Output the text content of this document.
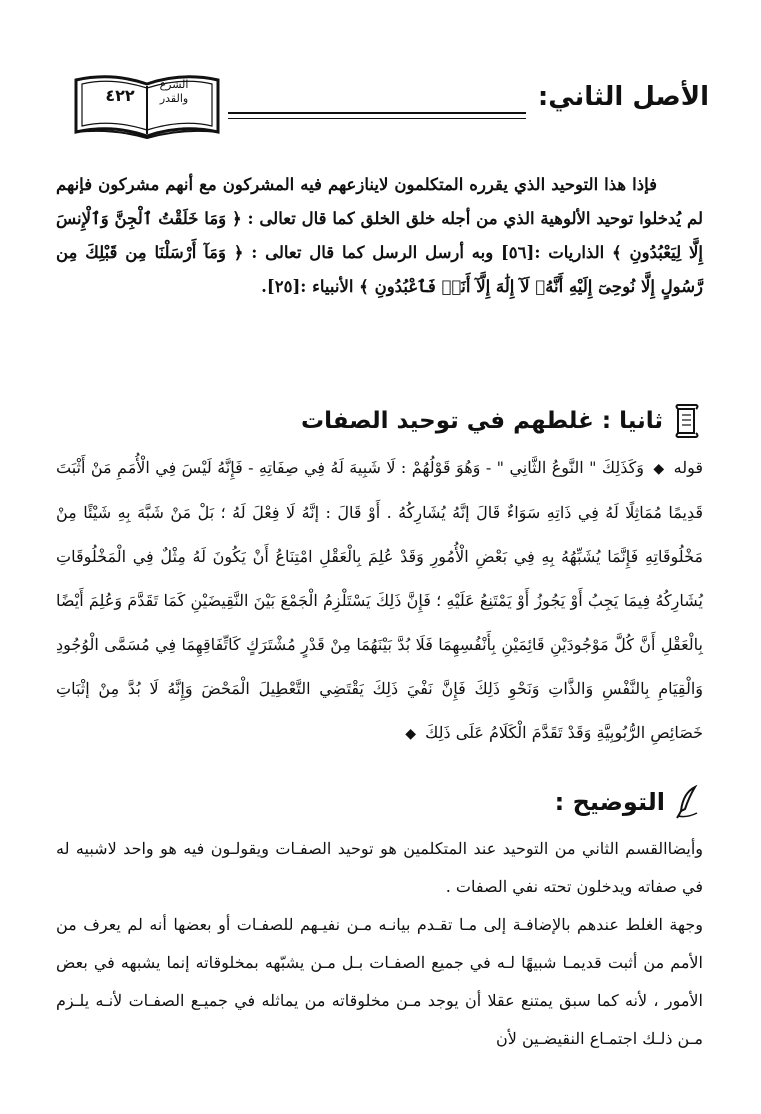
الأصل الثاني:
الشرع والقدر
٤٢٢
فإذا هذا التوحيد الذي يقرره المتكلمون لاينازعهم فيه المشركون مع أنهم مشركون فإنهم لم يُدخلوا توحيد الألوهية الذي من أجله خلق الخلق كما قال تعالى : ﴿ وَمَا خَلَقْتُ ٱلْجِنَّ وَٱلْإِنسَ إِلَّا لِيَعْبُدُونِ ﴾ الذاريات :[٥٦] وبه أرسل الرسل كما قال تعالى : ﴿ وَمَآ أَرْسَلْنَا مِن قَبْلِكَ مِن رَّسُولٍ إِلَّا نُوحِىٓ إِلَيْهِ أَنَّهُۥ لَآ إِلَٰهَ إِلَّآ أَنَا۠ فَٱعْبُدُونِ ﴾ الأنبياء :[٢٥].
ثانيا : غلطهم في توحيد الصفات
قوله ◆ وَكَذَلِكَ " النَّوعُ الثَّانِي " - وَهُوَ قَوْلُهُمْ : لَا شَبِيهَ لَهُ فِي صِفَاتِهِ - فَإِنَّهُ لَيْسَ فِي الْأُمَمِ مَنْ أَثْبَتَ قَدِيمًا مُمَاثِلًا لَهُ فِي ذَاتِهِ سَوَاءٌ قَالَ إنَّهُ يُشَارِكُهُ . أَوْ قَالَ : إنَّهُ لَا فِعْلَ لَهُ ؛ بَلْ مَنْ شَبَّهَ بِهِ شَيْئًا مِنْ مَخْلُوقَاتِهِ فَإِنَّمَا يُشَبِّهُهُ بِهِ فِي بَعْضِ الْأُمُورِ وَقَدْ عُلِمَ بِالْعَقْلِ امْتِنَاعُ أَنْ يَكُونَ لَهُ مِثْلٌ فِي الْمَخْلُوقَاتِ يُشَارِكُهُ فِيمَا يَجِبُ أَوْ يَجُوزُ أَوْ يَمْتَنِعُ عَلَيْهِ ؛ فَإِنَّ ذَلِكَ يَسْتَلْزِمُ الْجَمْعَ بَيْنَ النَّقِيضَيْنِ كَمَا تَقَدَّمَ وَعُلِمَ أَيْضًا بِالْعَقْلِ أَنَّ كُلَّ مَوْجُودَيْنِ قَائِمَيْنِ بِأَنْفُسِهِمَا فَلَا بُدَّ بَيْنَهُمَا مِنْ قَدْرٍ مُشْتَرَكٍ كَاتِّفَاقِهِمَا فِي مُسَمَّى الْوُجُودِ وَالْقِيَامِ بِالنَّفْسِ وَالذَّاتِ وَنَحْوِ ذَلِكَ فَإِنَّ نَفْيَ ذَلِكَ يَقْتَضِي التَّعْطِيلَ الْمَحْضَ وَإِنَّهُ لَا بُدَّ مِنْ إثْبَاتِ خَصَائِصِ الرُّبُوبِيَّةِ وَقَدْ تَقَدَّمَ الْكَلَامُ عَلَى ذَلِكَ ◆
التوضيح :

وأيضاالقسم الثاني من التوحيد عند المتكلمين هو توحيد الصفـات ويقولـون فيه هو واحد لاشبيه له في صفاته ويدخلون تحته نفي الصفات .

وجهة الغلط عندهم بالإضافـة إلى مـا تقـدم بيانـه مـن نفيـهم للصفـات أو بعضها أنه لم يعرف من الأمم من أثبت قديمـا شبيهًا لـه في جميع الصفـات بـل مـن يشبّهه بمخلوقاته إنما يشبهه في بعض الأمور ، لأنه كما سبق يمتنع عقلا أن يوجد مـن مخلوقاته من يماثله في جميـع الصفـات لأنـه يلـزم مـن ذلـك اجتمـاع النقيضـين لأن
